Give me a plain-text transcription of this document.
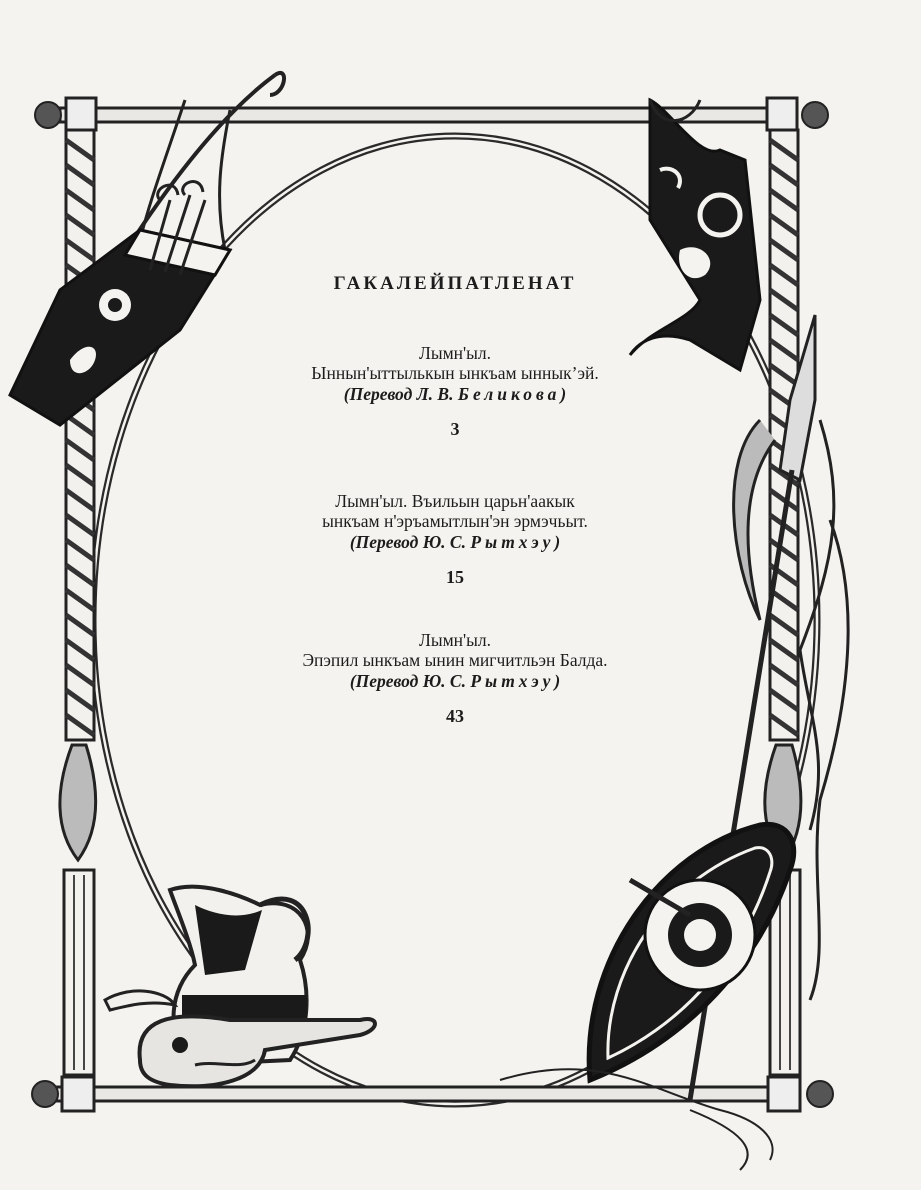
ГАКАЛЕЙПАТЛЕНАТ
Лымн'ыл.
Ыннын'ыттылькын ынкъам ынныкʼэй.
(Перевод Л. В. Беликова)
3
Лымн'ыл. Въильын царьн'аакык
ынкъам н'эръамытлын'эн эрмэчьыт.
(Перевод Ю. С. Рытхэу)
15
Лымн'ыл.
Эпэпил ынкъам ынин мигчитльэн Балда.
(Перевод Ю. С. Рытхэу)
43
